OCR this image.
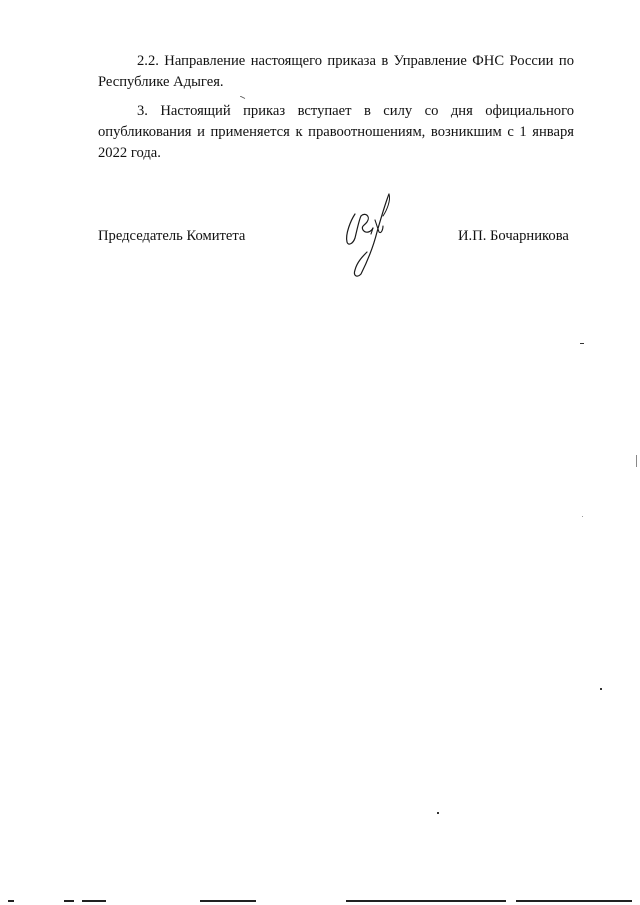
2.2. Направление настоящего приказа в Управление ФНС России по Республике Адыгея.

3. Настоящий приказ вступает в силу со дня официального опубликования и применяется к правоотношениям, возникшим с 1 января 2022 года.

Председатель Комитета	И.П. Бочарникова
